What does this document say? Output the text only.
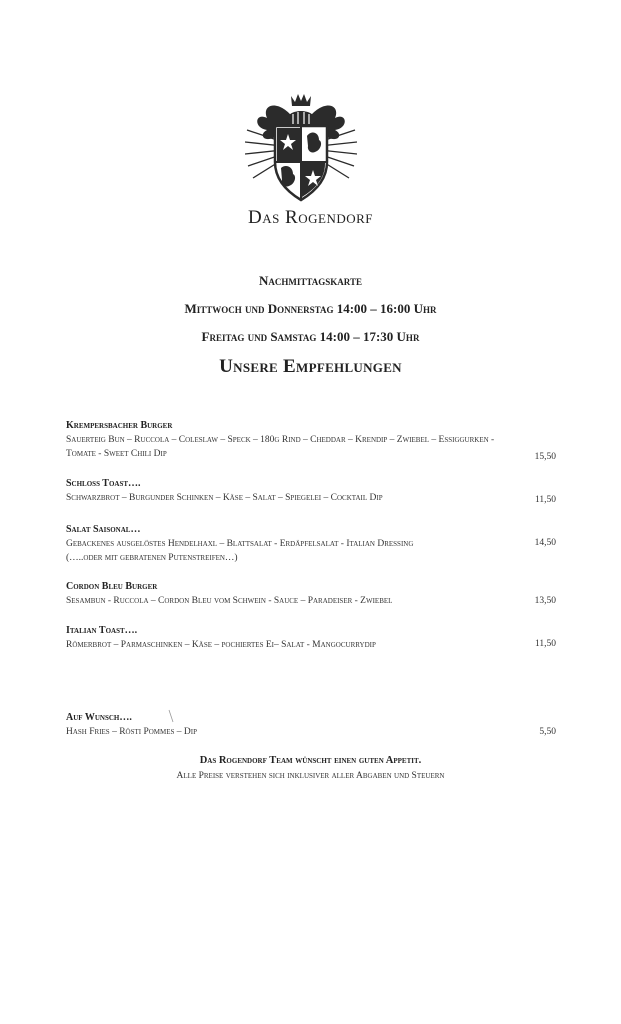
Das Rogendorf
Nachmittagskarte
Mittwoch und Donnerstag 14:00 – 16:00 Uhr
Freitag und Samstag 14:00 – 17:30 Uhr
Unsere Empfehlungen
Krempersbacher Burger
Sauerteig Bun – Ruccola – Coleslaw – Speck – 180g Rind – Cheddar – Krendip – Zwiebel – Essiggurken - Tomate - Sweet Chili Dip	15,50
Schloss Toast….
Schwarzbrot – Burgunder Schinken – Käse – Salat – Spiegelei – Cocktail Dip	11,50
Salat Saisonal…
Gebackenes ausgelöstes Hendelhaxl – Blattsalat - Erdäpfelsalat - Italian Dressing
(…..oder mit gebratenen Putenstreifen…)
14,50
Cordon Bleu Burger
Sesambun - Ruccola – Cordon Bleu vom Schwein - Sauce – Paradeiser - Zwiebel	13,50
Italian Toast….
Römerbrot – Parmaschinken – Käse – pochiertes Ei– Salat - Mangocurrydip	11,50
Auf Wunsch….
Hash Fries – Rösti Pommes – Dip	5,50
Das Rogendorf Team wünscht einen guten Appetit.
Alle Preise verstehen sich inklusiver aller Abgaben und Steuern
